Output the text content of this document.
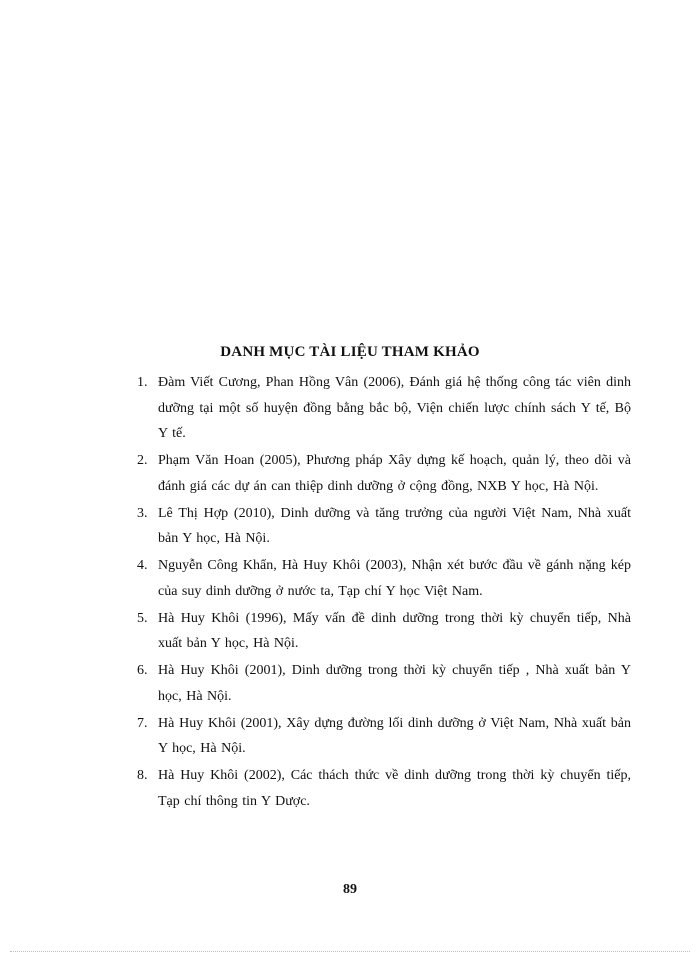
DANH MỤC TÀI LIỆU THAM KHẢO
1. Đàm Viết Cương, Phan Hồng Vân (2006), Đánh giá hệ thống công tác viên dinh dưỡng tại một số huyện đồng bằng bắc bộ, Viện chiến lược chính sách Y tế, Bộ Y tế.
2. Phạm Văn Hoan (2005), Phương pháp Xây dựng kế hoạch, quản lý, theo dõi và đánh giá các dự án can thiệp dinh dưỡng ở cộng đồng, NXB Y học, Hà Nội.
3. Lê Thị Hợp (2010), Dinh dưỡng và tăng trưởng của người Việt Nam, Nhà xuất bản Y học, Hà Nội.
4. Nguyễn Công Khẩn, Hà Huy Khôi (2003), Nhận xét bước đầu về gánh nặng kép của suy dinh dưỡng ở nước ta, Tạp chí Y học Việt Nam.
5. Hà Huy Khôi (1996), Mấy vấn đề dinh dưỡng trong thời kỳ chuyển tiếp, Nhà xuất bản Y học, Hà Nội.
6. Hà Huy Khôi (2001), Dinh dưỡng trong thời kỳ chuyển tiếp , Nhà xuất bản Y học, Hà Nội.
7. Hà Huy Khôi (2001), Xây dựng đường lối dinh dưỡng ở Việt Nam, Nhà xuất bản Y học, Hà Nội.
8. Hà Huy Khôi (2002), Các thách thức về dinh dưỡng trong thời kỳ chuyển tiếp, Tạp chí thông tin Y Dược.
89
